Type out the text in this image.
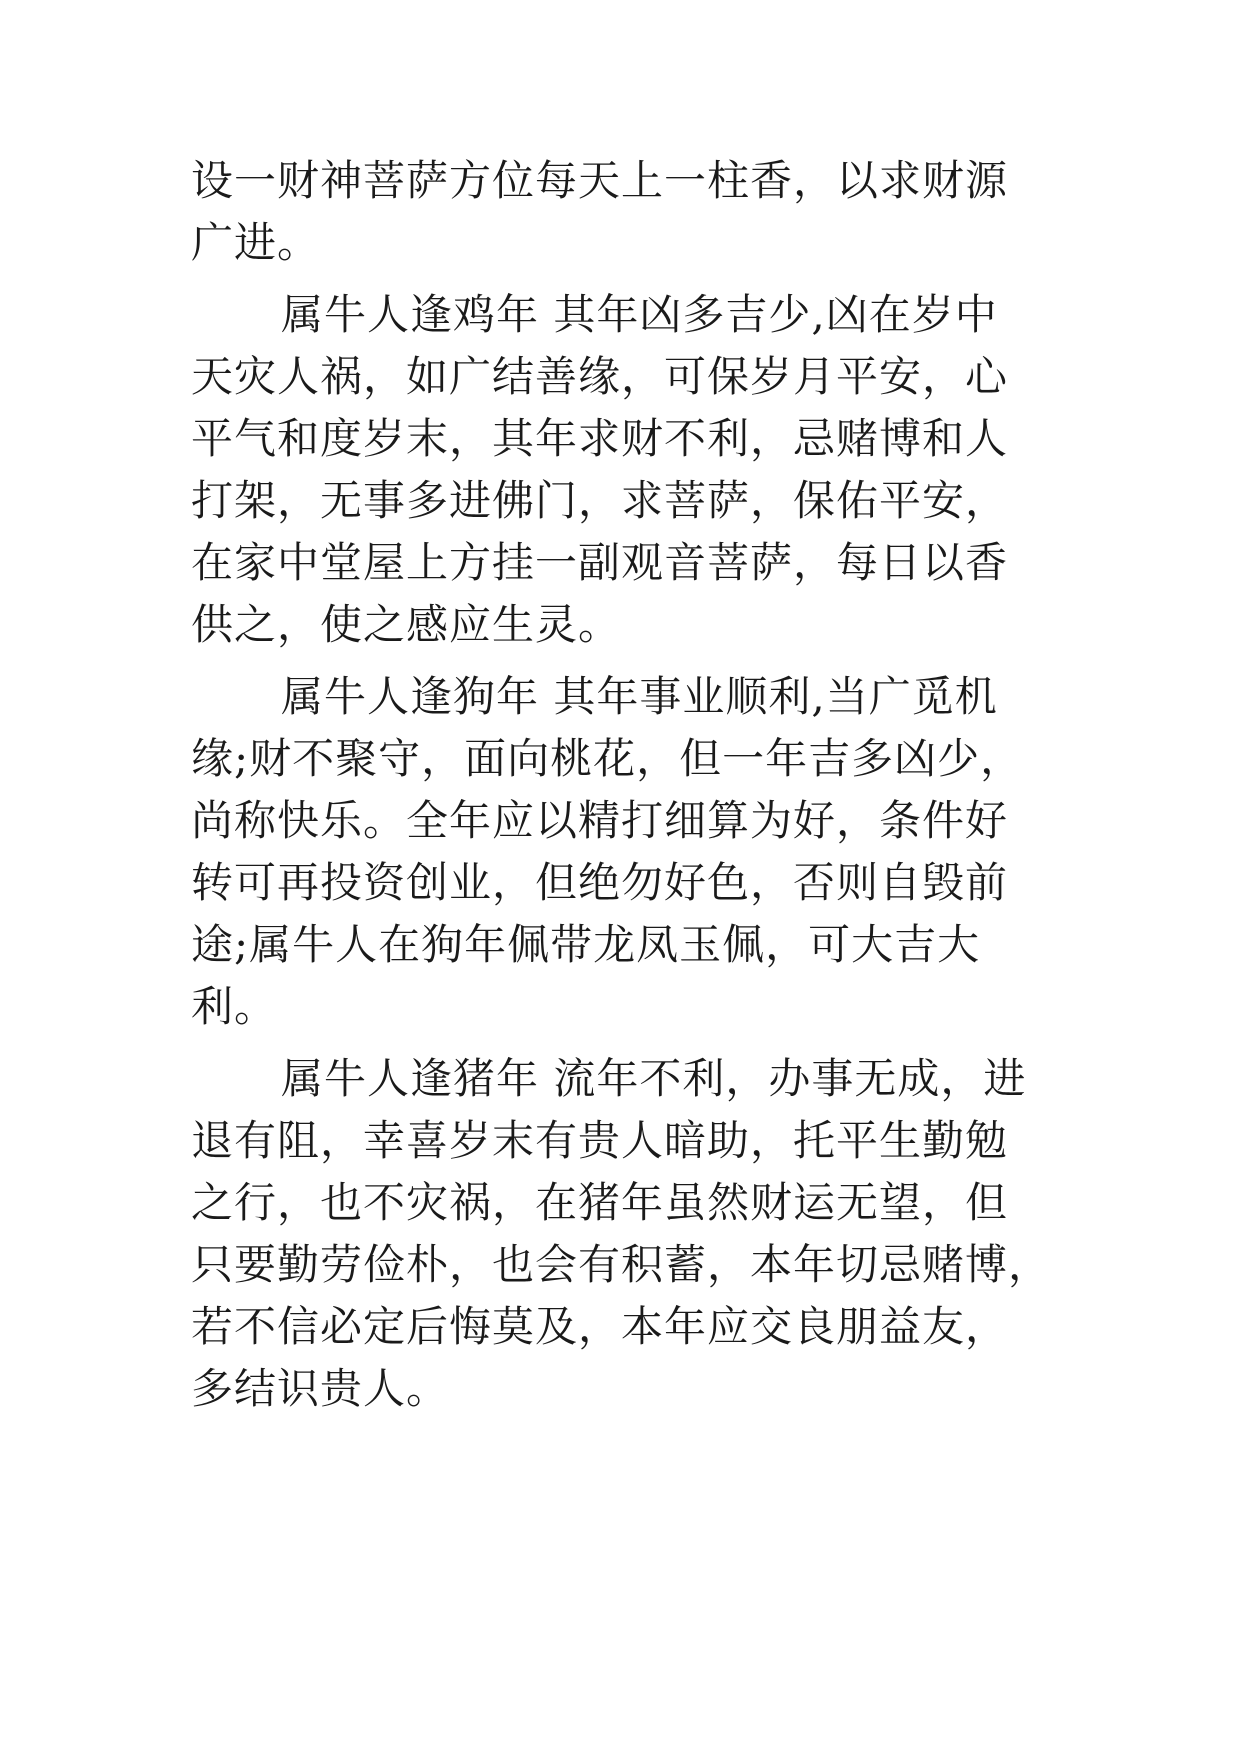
设一财神菩萨方位每天上一柱香，以求财源
广进。
属牛人逢鸡年 其年凶多吉少,凶在岁中
天灾人祸，如广结善缘，可保岁月平安，心
平气和度岁末，其年求财不利，忌赌博和人
打架，无事多进佛门，求菩萨，保佑平安，
在家中堂屋上方挂一副观音菩萨，每日以香
供之，使之感应生灵。
属牛人逢狗年 其年事业顺利,当广觅机
缘;财不聚守，面向桃花，但一年吉多凶少，
尚称快乐。全年应以精打细算为好，条件好
转可再投资创业，但绝勿好色，否则自毁前
途;属牛人在狗年佩带龙凤玉佩，可大吉大
利。
属牛人逢猪年 流年不利，办事无成，进
退有阻，幸喜岁末有贵人暗助，托平生勤勉
之行，也不灾祸，在猪年虽然财运无望，但
只要勤劳俭朴，也会有积蓄，本年切忌赌博，
若不信必定后悔莫及，本年应交良朋益友，
多结识贵人。
